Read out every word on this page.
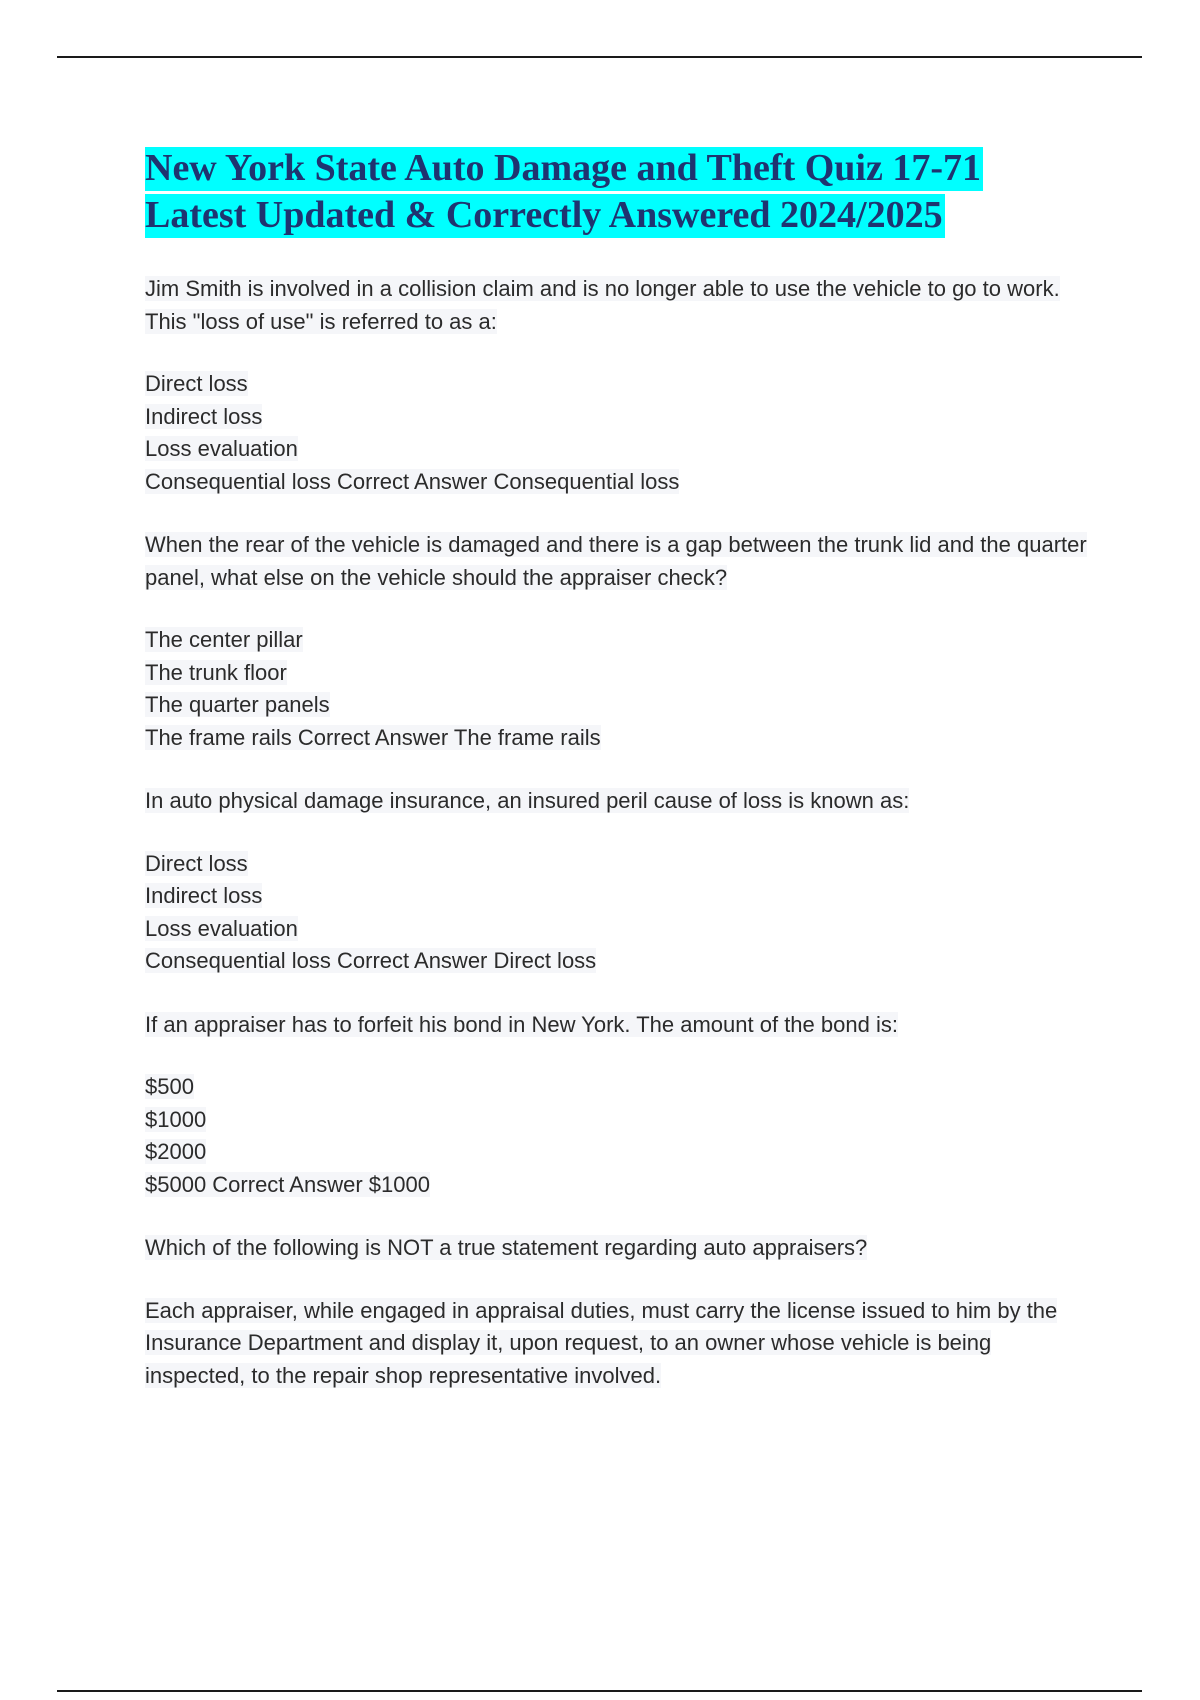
New York State Auto Damage and Theft Quiz 17-71
Latest Updated & Correctly Answered 2024/2025

Jim Smith is involved in a collision claim and is no longer able to use the vehicle to go to work. This "loss of use" is referred to as a:

Direct loss
Indirect loss
Loss evaluation
Consequential loss Correct Answer Consequential loss

When the rear of the vehicle is damaged and there is a gap between the trunk lid and the quarter panel, what else on the vehicle should the appraiser check?

The center pillar
The trunk floor
The quarter panels
The frame rails Correct Answer The frame rails

In auto physical damage insurance, an insured peril cause of loss is known as:

Direct loss
Indirect loss
Loss evaluation
Consequential loss Correct Answer Direct loss

If an appraiser has to forfeit his bond in New York. The amount of the bond is:

$500
$1000
$2000
$5000 Correct Answer $1000

Which of the following is NOT a true statement regarding auto appraisers?

Each appraiser, while engaged in appraisal duties, must carry the license issued to him by the Insurance Department and display it, upon request, to an owner whose vehicle is being inspected, to the repair shop representative involved.
